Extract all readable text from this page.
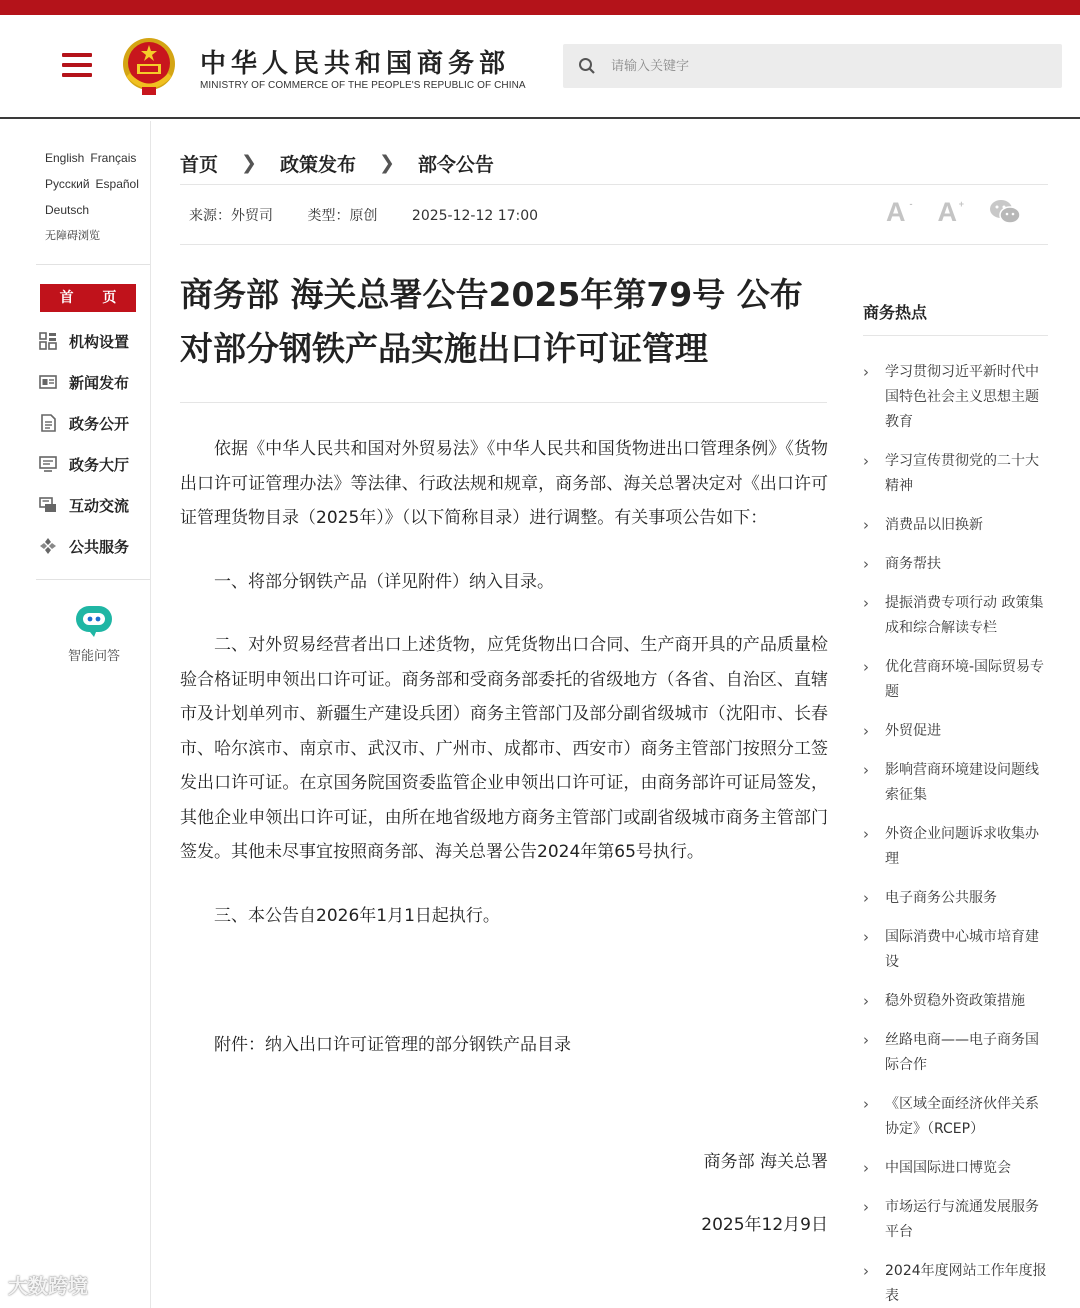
中华人民共和国商务部
MINISTRY OF COMMERCE OF THE PEOPLE'S REPUBLIC OF CHINA
请输入关键字
English Français
Русский Español
Deutsch
无障碍浏览
首 页
机构设置
新闻发布
政务公开
政务大厅
互动交流
公共服务
智能问答
首页 ❯ 政策发布 ❯ 部令公告
来源：外贸司 类型：原创 2025-12-12 17:00	A - A +
商务部 海关总署公告2025年第79号 公布对部分钢铁产品实施出口许可证管理

依据《中华人民共和国对外贸易法》《中华人民共和国货物进出口管理条例》《货物出口许可证管理办法》等法律、行政法规和规章，商务部、海关总署决定对《出口许可证管理货物目录（2025年）》（以下简称目录）进行调整。有关事项公告如下：

一、将部分钢铁产品（详见附件）纳入目录。

二、对外贸易经营者出口上述货物，应凭货物出口合同、生产商开具的产品质量检验合格证明申领出口许可证。商务部和受商务部委托的省级地方（各省、自治区、直辖市及计划单列市、新疆生产建设兵团）商务主管部门及部分副省级城市（沈阳市、长春市、哈尔滨市、南京市、武汉市、广州市、成都市、西安市）商务主管部门按照分工签发出口许可证。在京国务院国资委监管企业申领出口许可证，由商务部许可证局签发，其他企业申领出口许可证，由所在地省级地方商务主管部门或副省级城市商务主管部门签发。其他未尽事宜按照商务部、海关总署公告2024年第65号执行。

三、本公告自2026年1月1日起执行。

附件：纳入出口许可证管理的部分钢铁产品目录

商务部 海关总署

2025年12月9日

商务热点
› 学习贯彻习近平新时代中国特色社会主义思想主题教育
› 学习宣传贯彻党的二十大精神
› 消费品以旧换新
› 商务帮扶
› 提振消费专项行动 政策集成和综合解读专栏
› 优化营商环境-国际贸易专题
› 外贸促进
› 影响营商环境建设问题线索征集
› 外资企业问题诉求收集办理
› 电子商务公共服务
› 国际消费中心城市培育建设
› 稳外贸稳外资政策措施
› 丝路电商——电子商务国际合作
› 《区域全面经济伙伴关系协定》（RCEP）
› 中国国际进口博览会
› 市场运行与流通发展服务平台
› 2024年度网站工作年度报表
大数跨境
